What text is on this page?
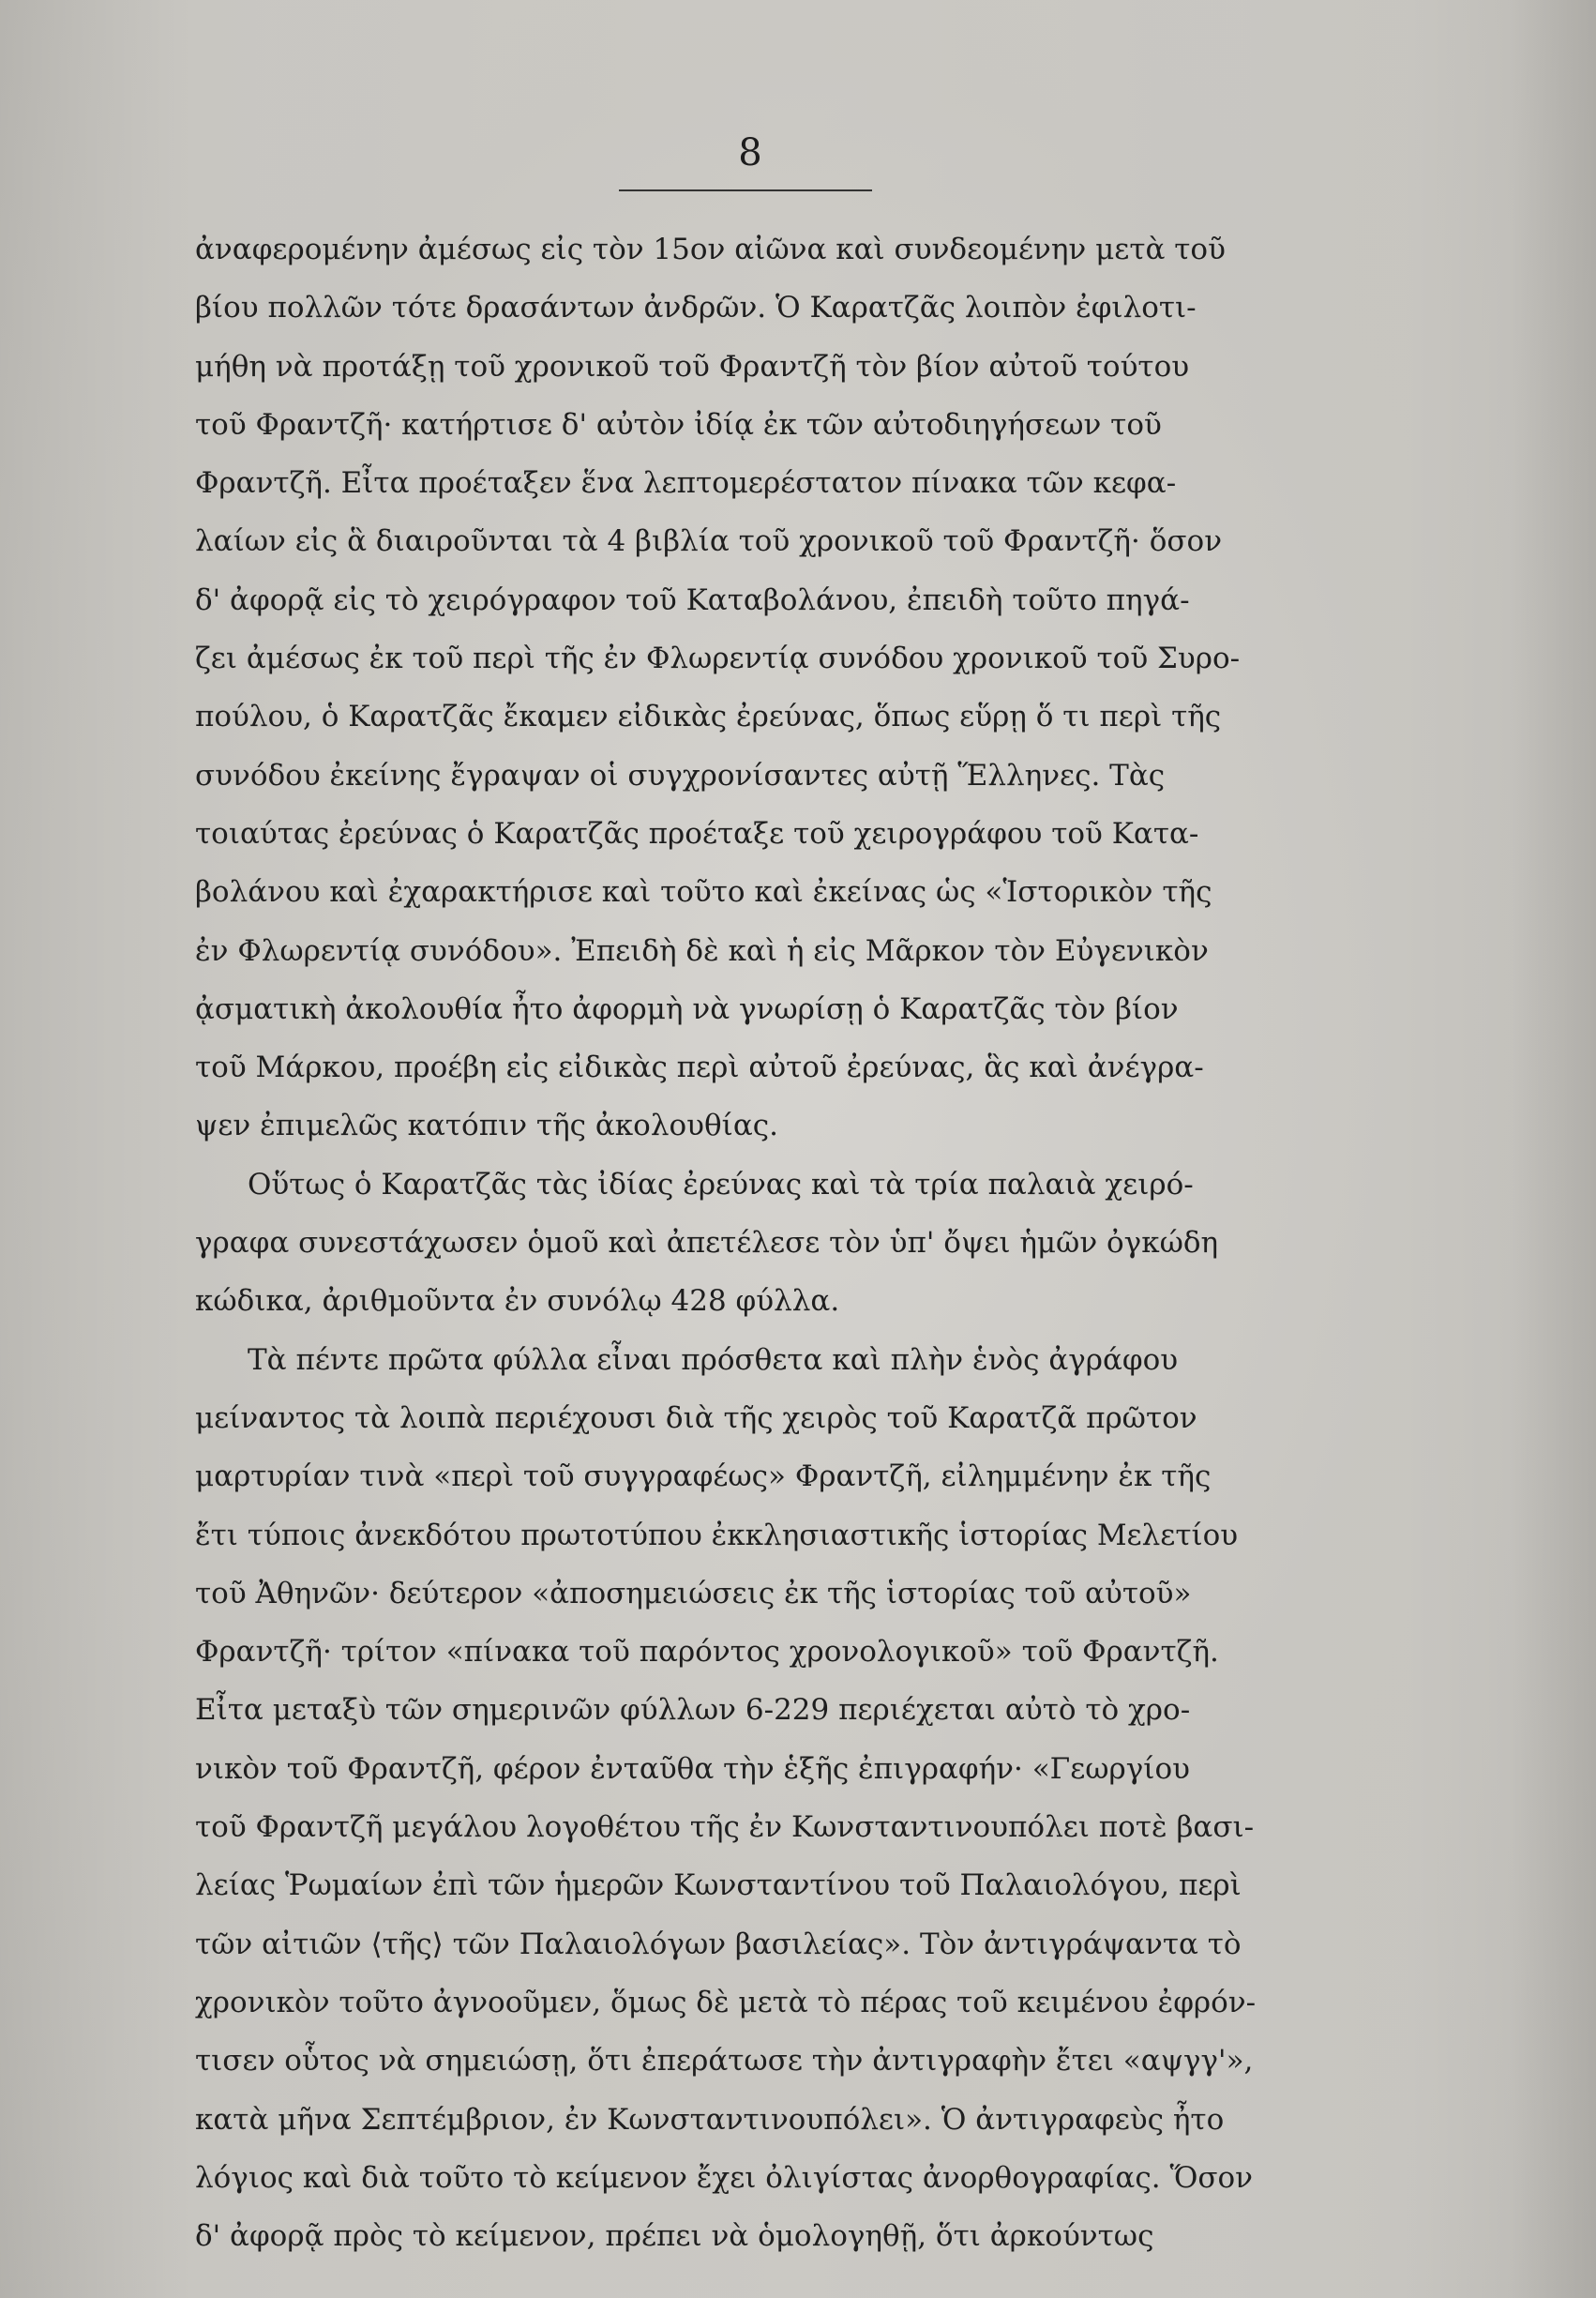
8
ἀναφερομένην ἀμέσως εἰς τὸν 15ον αἰῶνα καὶ συνδεομένην μετὰ τοῦ
βίου πολλῶν τότε δρασάντων ἀνδρῶν. Ὁ Καρατζᾶς λοιπὸν ἐφιλοτι-
μήθη νὰ προτάξῃ τοῦ χρονικοῦ τοῦ Φραντζῆ τὸν βίον αὐτοῦ τούτου
τοῦ Φραντζῆ· κατήρτισε δ' αὐτὸν ἰδίᾳ ἐκ τῶν αὐτοδιηγήσεων τοῦ
Φραντζῆ. Εἶτα προέταξεν ἕνα λεπτομερέστατον πίνακα τῶν κεφα-
λαίων εἰς ἃ διαιροῦνται τὰ 4 βιβλία τοῦ χρονικοῦ τοῦ Φραντζῆ· ὅσον
δ' ἀφορᾷ εἰς τὸ χειρόγραφον τοῦ Καταβολάνου, ἐπειδὴ τοῦτο πηγά-
ζει ἀμέσως ἐκ τοῦ περὶ τῆς ἐν Φλωρεντίᾳ συνόδου χρονικοῦ τοῦ Συρο-
πούλου, ὁ Καρατζᾶς ἔκαμεν εἰδικὰς ἐρεύνας, ὅπως εὕρῃ ὅ τι περὶ τῆς
συνόδου ἐκείνης ἔγραψαν οἱ συγχρονίσαντες αὐτῇ Ἕλληνες. Τὰς
τοιαύτας ἐρεύνας ὁ Καρατζᾶς προέταξε τοῦ χειρογράφου τοῦ Κατα-
βολάνου καὶ ἐχαρακτήρισε καὶ τοῦτο καὶ ἐκείνας ὡς «Ἱστορικὸν τῆς
ἐν Φλωρεντίᾳ συνόδου». Ἐπειδὴ δὲ καὶ ἡ εἰς Μᾶρκον τὸν Εὐγενικὸν
ᾀσματικὴ ἀκολουθία ἦτο ἀφορμὴ νὰ γνωρίσῃ ὁ Καρατζᾶς τὸν βίον
τοῦ Μάρκου, προέβη εἰς εἰδικὰς περὶ αὐτοῦ ἐρεύνας, ἃς καὶ ἀνέγρα-
ψεν ἐπιμελῶς κατόπιν τῆς ἀκολουθίας.
Οὕτως ὁ Καρατζᾶς τὰς ἰδίας ἐρεύνας καὶ τὰ τρία παλαιὰ χειρό-
γραφα συνεστάχωσεν ὁμοῦ καὶ ἀπετέλεσε τὸν ὑπ' ὄψει ἡμῶν ὀγκώδη
κώδικα, ἀριθμοῦντα ἐν συνόλῳ 428 φύλλα.
Τὰ πέντε πρῶτα φύλλα εἶναι πρόσθετα καὶ πλὴν ἑνὸς ἀγράφου
μείναντος τὰ λοιπὰ περιέχουσι διὰ τῆς χειρὸς τοῦ Καρατζᾶ πρῶτον
μαρτυρίαν τινὰ «περὶ τοῦ συγγραφέως» Φραντζῆ, εἰλημμένην ἐκ τῆς
ἔτι τύποις ἀνεκδότου πρωτοτύπου ἐκκλησιαστικῆς ἱστορίας Μελετίου
τοῦ Ἀθηνῶν· δεύτερον «ἀποσημειώσεις ἐκ τῆς ἱστορίας τοῦ αὐτοῦ»
Φραντζῆ· τρίτον «πίνακα τοῦ παρόντος χρονολογικοῦ» τοῦ Φραντζῆ.
Εἶτα μεταξὺ τῶν σημερινῶν φύλλων 6-229 περιέχεται αὐτὸ τὸ χρο-
νικὸν τοῦ Φραντζῆ, φέρον ἐνταῦθα τὴν ἑξῆς ἐπιγραφήν· «Γεωργίου
τοῦ Φραντζῆ μεγάλου λογοθέτου τῆς ἐν Κωνσταντινουπόλει ποτὲ βασι-
λείας Ῥωμαίων ἐπὶ τῶν ἡμερῶν Κωνσταντίνου τοῦ Παλαιολόγου, περὶ
τῶν αἰτιῶν ⟨τῆς⟩ τῶν Παλαιολόγων βασιλείας». Τὸν ἀντιγράψαντα τὸ
χρονικὸν τοῦτο ἀγνοοῦμεν, ὅμως δὲ μετὰ τὸ πέρας τοῦ κειμένου ἐφρόν-
τισεν οὗτος νὰ σημειώσῃ, ὅτι ἐπεράτωσε τὴν ἀντιγραφὴν ἔτει «αψγγ'»,
κατὰ μῆνα Σεπτέμβριον, ἐν Κωνσταντινουπόλει». Ὁ ἀντιγραφεὺς ἦτο
λόγιος καὶ διὰ τοῦτο τὸ κείμενον ἔχει ὀλιγίστας ἀνορθογραφίας. Ὅσον
δ' ἀφορᾷ πρὸς τὸ κείμενον, πρέπει νὰ ὁμολογηθῇ, ὅτι ἀρκούντως
